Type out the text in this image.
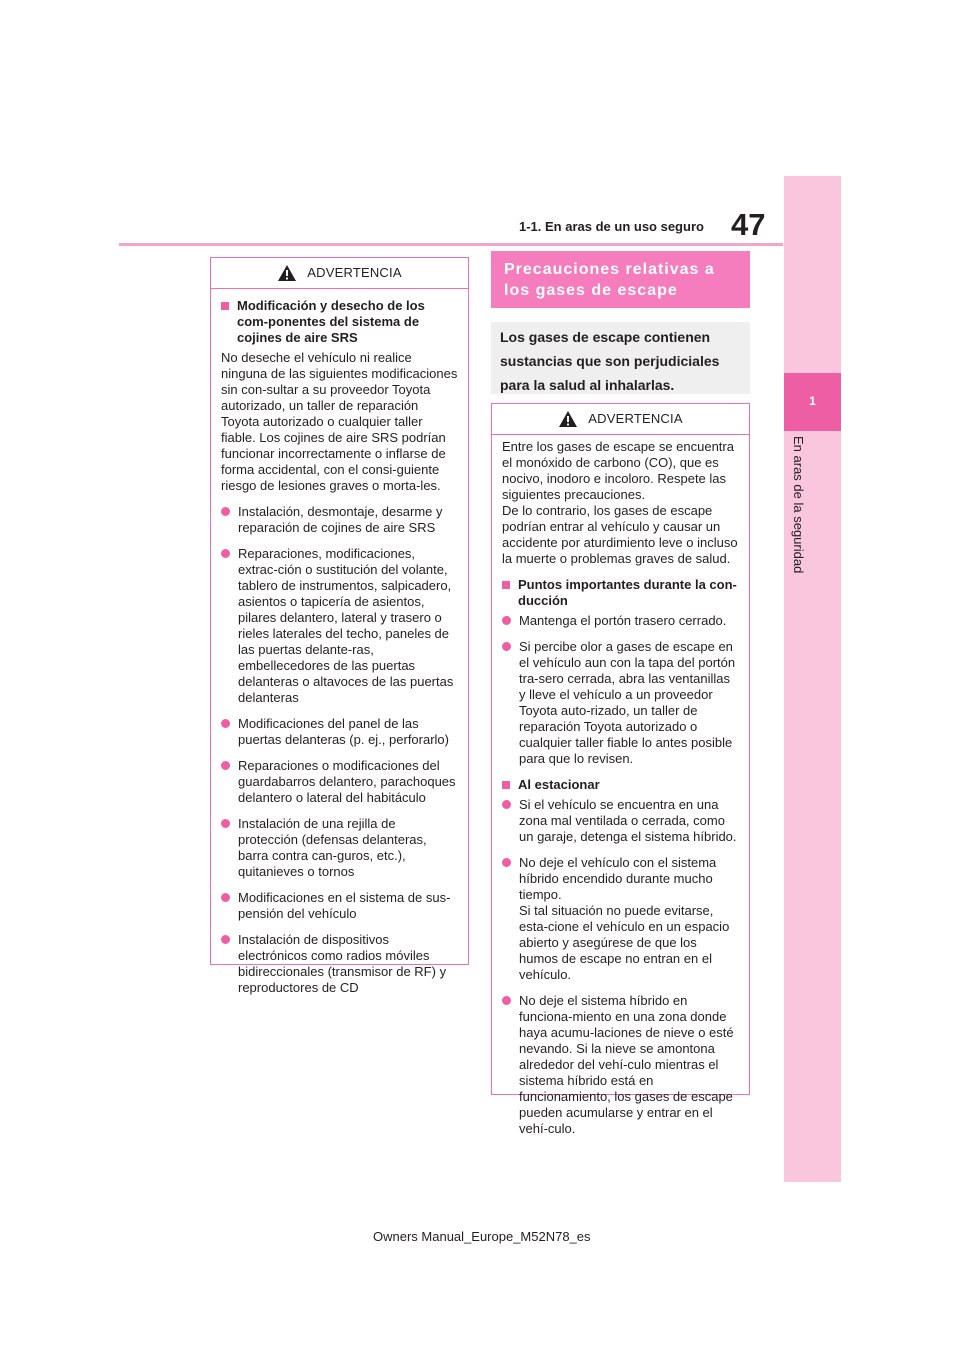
47
1-1. En aras de un uso seguro
1
En aras de la seguridad
ADVERTENCIA
Modificación y desecho de los com-ponentes del sistema de cojines de aire SRS

No deseche el vehículo ni realice ninguna de las siguientes modificaciones sin con-sultar a su proveedor Toyota autorizado, un taller de reparación Toyota autorizado o cualquier taller fiable. Los cojines de aire SRS podrían funcionar incorrectamente o inflarse de forma accidental, con el consi-guiente riesgo de lesiones graves o morta-les.

Instalación, desmontaje, desarme y reparación de cojines de aire SRS
Reparaciones, modificaciones, extrac-ción o sustitución del volante, tablero de instrumentos, salpicadero, asientos o tapicería de asientos, pilares delantero, lateral y trasero o rieles laterales del techo, paneles de las puertas delante-ras, embellecedores de las puertas delanteras o altavoces de las puertas delanteras
Modificaciones del panel de las puertas delanteras (p. ej., perforarlo)
Reparaciones o modificaciones del guardabarros delantero, parachoques delantero o lateral del habitáculo
Instalación de una rejilla de protección (defensas delanteras, barra contra can-guros, etc.), quitanieves o tornos
Modificaciones en el sistema de sus-pensión del vehículo
Instalación de dispositivos electrónicos como radios móviles bidireccionales (transmisor de RF) y reproductores de CD
Precauciones relativas a los gases de escape
Los gases de escape contienen sustancias que son perjudiciales para la salud al inhalarlas.
ADVERTENCIA

Entre los gases de escape se encuentra el monóxido de carbono (CO), que es nocivo, inodoro e incoloro. Respete las siguientes precauciones.

De lo contrario, los gases de escape podrían entrar al vehículo y causar un accidente por aturdimiento leve o incluso la muerte o problemas graves de salud.

Puntos importantes durante la con-ducción
Mantenga el portón trasero cerrado.
Si percibe olor a gases de escape en el vehículo aun con la tapa del portón tra-sero cerrada, abra las ventanillas y lleve el vehículo a un proveedor Toyota auto-rizado, un taller de reparación Toyota autorizado o cualquier taller fiable lo antes posible para que lo revisen.
Al estacionar
Si el vehículo se encuentra en una zona mal ventilada o cerrada, como un garaje, detenga el sistema híbrido.
No deje el vehículo con el sistema híbrido encendido durante mucho tiempo.
Si tal situación no puede evitarse, esta-cione el vehículo en un espacio abierto y asegúrese de que los humos de escape no entran en el vehículo.
No deje el sistema híbrido en funciona-miento en una zona donde haya acumu-laciones de nieve o esté nevando. Si la nieve se amontona alrededor del vehí-culo mientras el sistema híbrido está en funcionamiento, los gases de escape pueden acumularse y entrar en el vehí-culo.
Owners Manual_Europe_M52N78_es
